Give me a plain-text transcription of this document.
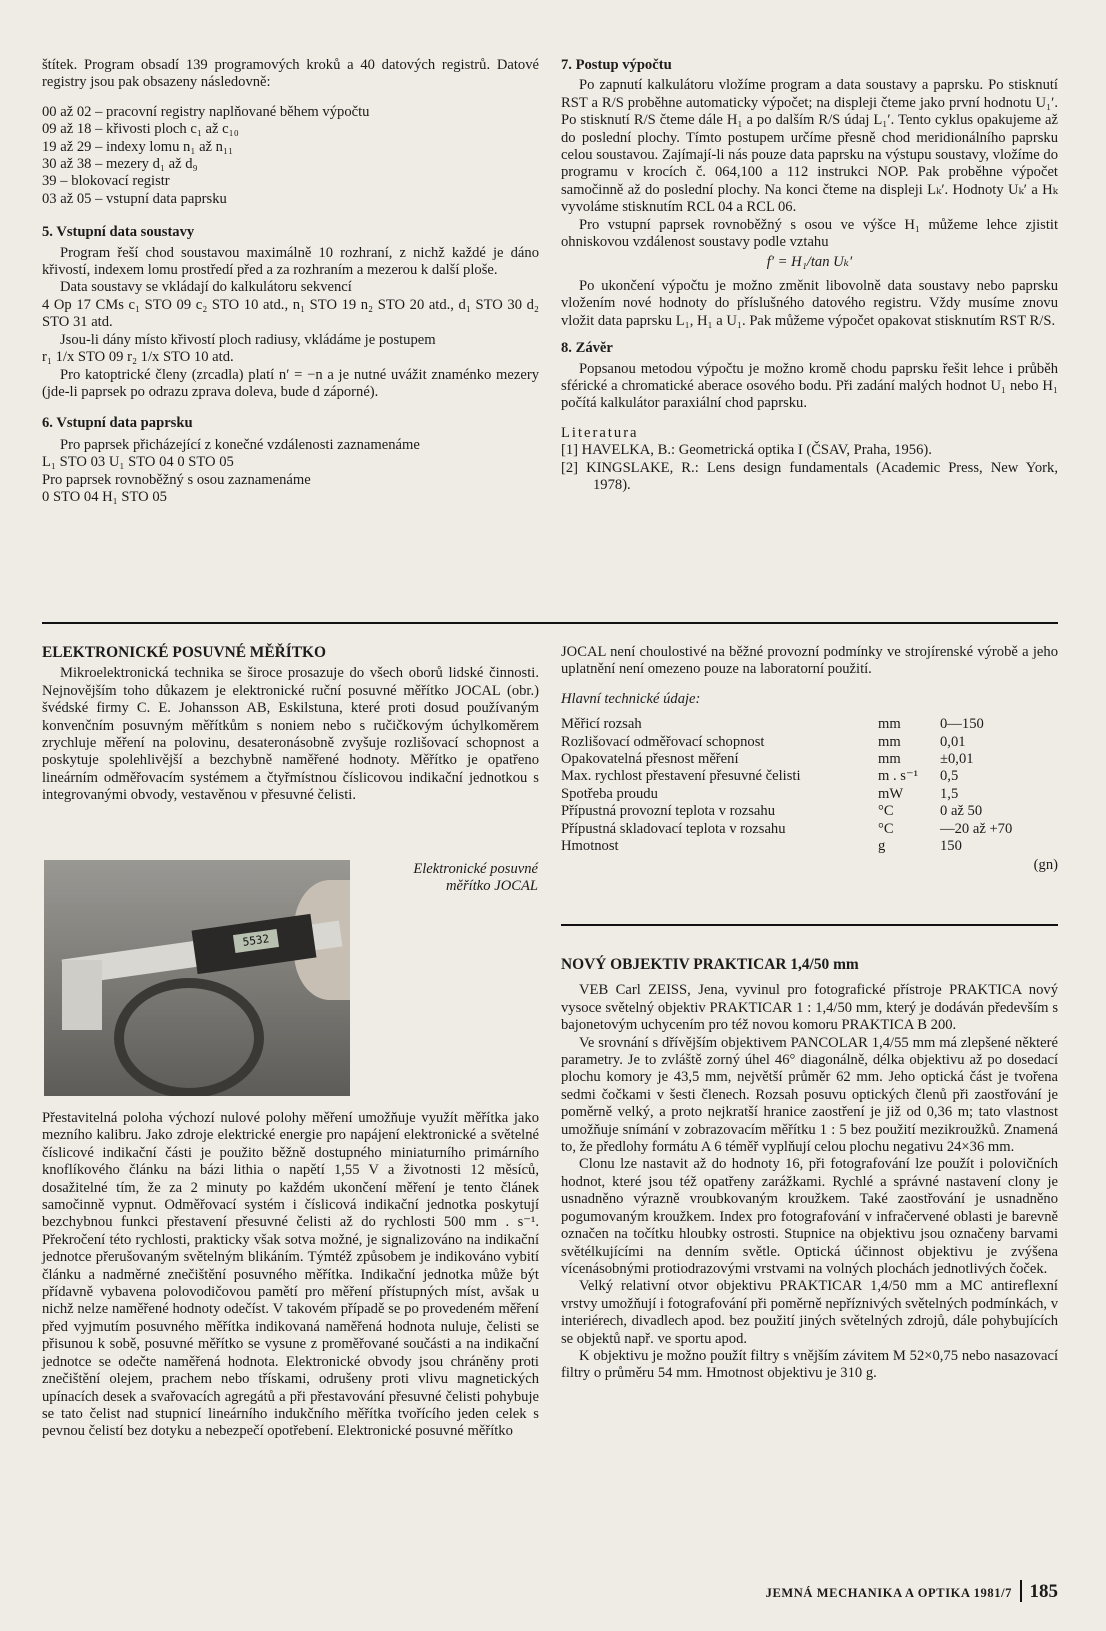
štítek. Program obsadí 139 programových kroků a 40 datových registrů. Datové registry jsou pak obsazeny následovně:

00 až 02 – pracovní registry naplňované během výpočtu
09 až 18 – křivosti ploch c₁ až c₁₀
19 až 29 – indexy lomu n₁ až n₁₁
30 až 38 – mezery d₁ až d₉
39 – blokovací registr
03 až 05 – vstupní data paprsku

5. Vstupní data soustavy

Program řeší chod soustavou maximálně 10 rozhraní, z nichž každé je dáno křivostí, indexem lomu prostředí před a za rozhraním a mezerou k další ploše.

Data soustavy se vkládají do kalkulátoru sekvencí

4 Op 17 CMs c₁ STO 09 c₂ STO 10 atd., n₁ STO 19 n₂ STO 20 atd., d₁ STO 30 d₂ STO 31 atd.

Jsou-li dány místo křivostí ploch radiusy, vkládáme je postupem

r₁ 1/x STO 09 r₂ 1/x STO 10 atd.

Pro katoptrické členy (zrcadla) platí n′ = −n a je nutné uvážit znaménko mezery (jde-li paprsek po odrazu zprava doleva, bude d záporné).

6. Vstupní data paprsku

Pro paprsek přicházející z konečné vzdálenosti zaznamenáme

L₁ STO 03 U₁ STO 04 0 STO 05

Pro paprsek rovnoběžný s osou zaznamenáme

0 STO 04 H₁ STO 05

7. Postup výpočtu

Po zapnutí kalkulátoru vložíme program a data soustavy a paprsku. Po stisknutí RST a R/S proběhne automaticky výpočet; na displeji čteme jako první hodnotu U₁′. Po stisknutí R/S čteme dále H₁ a po dalším R/S údaj L₁′. Tento cyklus opakujeme až do poslední plochy. Tímto postupem určíme přesně chod meridionálního paprsku celou soustavou. Zajímají-li nás pouze data paprsku na výstupu soustavy, vložíme do programu v krocích č. 064,100 a 112 instrukci NOP. Pak proběhne výpočet samočinně až do poslední plochy. Na konci čteme na displeji Lₖ′. Hodnoty Uₖ′ a Hₖ vyvoláme stisknutím RCL 04 a RCL 06.

Pro vstupní paprsek rovnoběžný s osou ve výšce H₁ můžeme lehce zjistit ohniskovou vzdálenost soustavy podle vztahu

f′ = H₁/tan Uₖ′

Po ukončení výpočtu je možno změnit libovolně data soustavy nebo paprsku vložením nové hodnoty do příslušného datového registru. Vždy musíme znovu vložit data paprsku L₁, H₁ a U₁. Pak můžeme výpočet opakovat stisknutím RST R/S.

8. Závěr

Popsanou metodou výpočtu je možno kromě chodu paprsku řešit lehce i průběh sférické a chromatické aberace osového bodu. Při zadání malých hodnot U₁ nebo H₁ počítá kalkulátor paraxiální chod paprsku.

Literatura

[1] HAVELKA, B.: Geometrická optika I (ČSAV, Praha, 1956).

[2] KINGSLAKE, R.: Lens design fundamentals (Academic Press, New York, 1978).

ELEKTRONICKÉ POSUVNÉ MĚŘÍTKO

Mikroelektronická technika se široce prosazuje do všech oborů lidské činnosti. Nejnovějším toho důkazem je elektronické ruční posuvné měřítko JOCAL (obr.) švédské firmy C. E. Johansson AB, Eskilstuna, které proti dosud používaným konvenčním posuvným měřítkům s noniem nebo s ručičkovým úchylkoměrem zrychluje měření na polovinu, desateronásobně zvyšuje rozlišovací schopnost a poskytuje spolehlivější a bezchybně naměřené hodnoty. Měřítko je opatřeno lineárním odměřovacím systémem a čtyřmístnou číslicovou indikační jednotkou s integrovanými obvody, vestavěnou v přesuvné čelisti.

5532
Elektronické posuvné měřítko JOCAL

Přestavitelná poloha výchozí nulové polohy měření umožňuje využít měřítka jako mezního kalibru. Jako zdroje elektrické energie pro napájení elektronické a světelné číslicové indikační části je použito běžně dostupného miniaturního primárního knoflíkového článku na bázi lithia o napětí 1,55 V a životnosti 12 měsíců, dosažitelné tím, že za 2 minuty po každém ukončení měření je tento článek samočinně vypnut. Odměřovací systém i číslicová indikační jednotka poskytují bezchybnou funkci přestavení přesuvné čelisti až do rychlosti 500 mm . s⁻¹. Překročení této rychlosti, prakticky však sotva možné, je signalizováno na indikační jednotce přerušovaným světelným blikáním. Týmtéž způsobem je indikováno vybití článku a nadměrné znečištění posuvného měřítka. Indikační jednotka může být přídavně vybavena polovodičovou pamětí pro měření přístupných míst, avšak u nichž nelze naměřené hodnoty odečíst. V takovém případě se po provedeném měření před vyjmutím posuvného měřítka indikovaná naměřená hodnota nuluje, čelisti se přisunou k sobě, posuvné měřítko se vysune z proměřované součásti a na indikační jednotce se odečte naměřená hodnota. Elektronické obvody jsou chráněny proti znečištění olejem, prachem nebo třískami, odrušeny proti vlivu magnetických upínacích desek a svařovacích agregátů a při přestavování přesuvné čelisti pohybuje se tato čelist nad stupnicí lineárního indukčního měřítka tvořícího jeden celek s pevnou čelistí bez dotyku a nebezpečí opotřebení. Elektronické posuvné měřítko

JOCAL není choulostivé na běžné provozní podmínky ve strojírenské výrobě a jeho uplatnění není omezeno pouze na laboratorní použití.

Hlavní technické údaje:

Měřicí rozsah	mm	0—150
Rozlišovací odměřovací schopnost	mm	0,01
Opakovatelná přesnost měření	mm	±0,01
Max. rychlost přestavení přesuvné čelisti	m . s⁻¹	0,5
Spotřeba proudu	mW	1,5
Přípustná provozní teplota v rozsahu	°C	0 až 50
Přípustná skladovací teplota v rozsahu	°C	—20 až +70
Hmotnost	g	150

(gn)

NOVÝ OBJEKTIV PRAKTICAR 1,4/50 mm

VEB Carl ZEISS, Jena, vyvinul pro fotografické přístroje PRAKTICA nový vysoce světelný objektiv PRAKTICAR 1 : 1,4/50 mm, který je dodáván především s bajonetovým uchycením pro též novou komoru PRAKTICA B 200.

Ve srovnání s dřívějším objektivem PANCOLAR 1,4/55 mm má zlepšené některé parametry. Je to zvláště zorný úhel 46° diagonálně, délka objektivu až po dosedací plochu komory je 43,5 mm, největší průměr 62 mm. Jeho optická část je tvořena sedmi čočkami v šesti členech. Rozsah posuvu optických členů při zaostřování je poměrně velký, a proto nejkratší hranice zaostření je již od 0,36 m; tato vlastnost umožňuje snímání v zobrazovacím měřítku 1 : 5 bez použití mezikroužků. Znamená to, že předlohy formátu A 6 téměř vyplňují celou plochu negativu 24×36 mm.

Clonu lze nastavit až do hodnoty 16, při fotografování lze použít i polovičních hodnot, které jsou též opatřeny zarážkami. Rychlé a správné nastavení clony je usnadněno výrazně vroubkovaným kroužkem. Také zaostřování je usnadněno pogumovaným kroužkem. Index pro fotografování v infračervené oblasti je barevně označen na točítku hloubky ostrosti. Stupnice na objektivu jsou označeny barvami světélkujícími na denním světle. Optická účinnost objektivu je zvýšena vícenásobnými protiodrazovými vrstvami na volných plochách jednotlivých čoček.

Velký relativní otvor objektivu PRAKTICAR 1,4/50 mm a MC antireflexní vrstvy umožňují i fotografování při poměrně nepříznivých světelných podmínkách, v interiérech, divadlech apod. bez použití jiných světelných zdrojů, dále pohybujících se objektů např. ve sportu apod.

K objektivu je možno použít filtry s vnějším závitem M 52×0,75 nebo nasazovací filtry o průměru 54 mm. Hmotnost objektivu je 310 g.

JEMNÁ MECHANIKA A OPTIKA 1981/7 185
